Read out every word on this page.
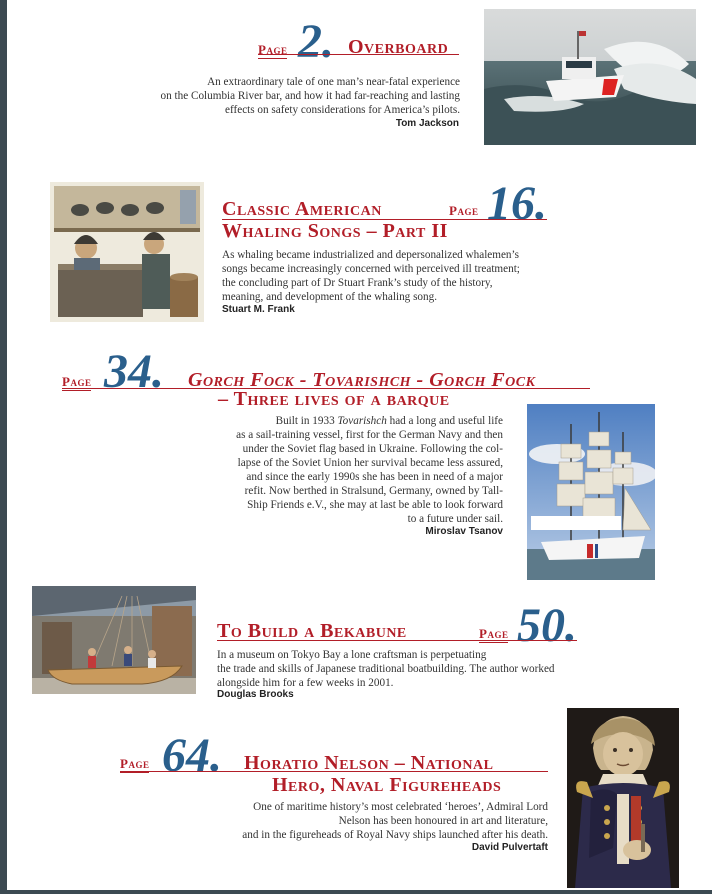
Page 2. Overboard
An extraordinary tale of one man’s near-fatal experience
on the Columbia River bar, and how it had far-reaching and lasting
effects on safety considerations for America’s pilots.
Tom Jackson
Classic American	Page 16.
Whaling Songs – Part II
As whaling became industrialized and depersonalized whalemen’s
songs became increasingly concerned with perceived ill treatment;
the concluding part of Dr Stuart Frank’s study of the history,
meaning, and development of the whaling song.
Stuart M. Frank
Page 34. Gorch Fock - Tovarishch - Gorch Fock
– Three lives of a barque
Built in 1933 Tovarishch had a long and useful life
as a sail-training vessel, first for the German Navy and then
under the Soviet flag based in Ukraine. Following the col-
lapse of the Soviet Union her survival became less assured,
and since the early 1990s she has been in need of a major
refit. Now berthed in Stralsund, Germany, owned by Tall-
Ship Friends e.V., she may at last be able to look forward
to a future under sail.
Miroslav Tsanov
To Build a Bekabune	Page 50.
In a museum on Tokyo Bay a lone craftsman is perpetuating
the trade and skills of Japanese traditional boatbuilding. The author worked
alongside him for a few weeks in 2001.
Douglas Brooks
Page 64. Horatio Nelson – National
Hero, Naval Figureheads
One of maritime history’s most celebrated ‘heroes’, Admiral Lord
Nelson has been honoured in art and literature,
and in the figureheads of Royal Navy ships launched after his death.
David Pulvertaft
